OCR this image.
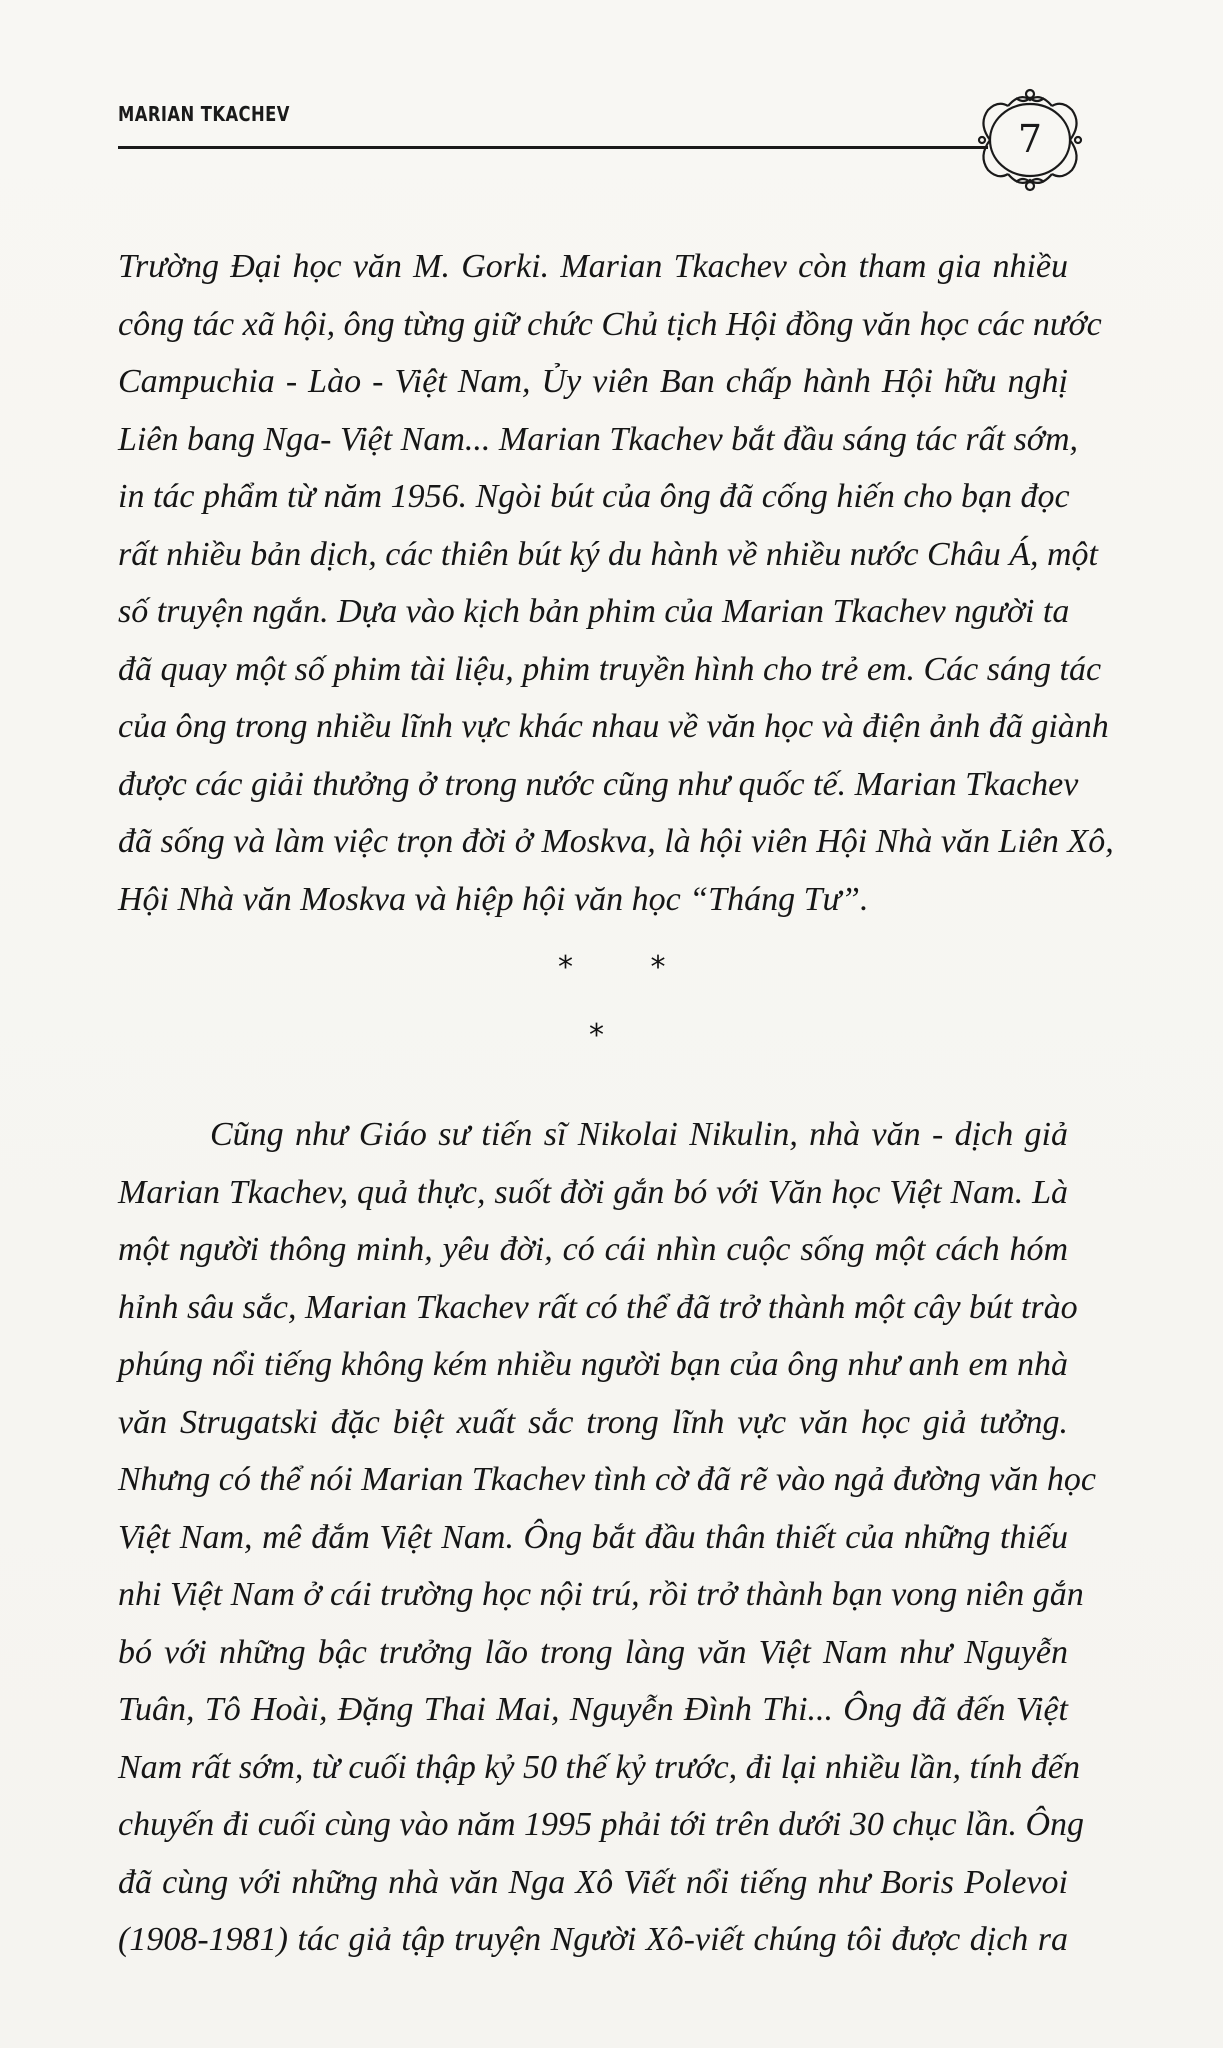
MARIAN TKACHEV
7
Trường Đại học văn M. Gorki. Marian Tkachev còn tham gia nhiều
công tác xã hội, ông từng giữ chức Chủ tịch Hội đồng văn học các nước
Campuchia - Lào - Việt Nam, Ủy viên Ban chấp hành Hội hữu nghị
Liên bang Nga- Việt Nam... Marian Tkachev bắt đầu sáng tác rất sớm,
in tác phẩm từ năm 1956. Ngòi bút của ông đã cống hiến cho bạn đọc
rất nhiều bản dịch, các thiên bút ký du hành về nhiều nước Châu Á, một
số truyện ngắn. Dựa vào kịch bản phim của Marian Tkachev người ta
đã quay một số phim tài liệu, phim truyền hình cho trẻ em. Các sáng tác
của ông trong nhiều lĩnh vực khác nhau về văn học và điện ảnh đã giành
được các giải thưởng ở trong nước cũng như quốc tế. Marian Tkachev
đã sống và làm việc trọn đời ở Moskva, là hội viên Hội Nhà văn Liên Xô,
Hội Nhà văn Moskva và hiệp hội văn học “Tháng Tư”.
* *
*
Cũng như Giáo sư tiến sĩ Nikolai Nikulin, nhà văn - dịch giả
Marian Tkachev, quả thực, suốt đời gắn bó với Văn học Việt Nam. Là
một người thông minh, yêu đời, có cái nhìn cuộc sống một cách hóm
hỉnh sâu sắc, Marian Tkachev rất có thể đã trở thành một cây bút trào
phúng nổi tiếng không kém nhiều người bạn của ông như anh em nhà
văn Strugatski đặc biệt xuất sắc trong lĩnh vực văn học giả tưởng.
Nhưng có thể nói Marian Tkachev tình cờ đã rẽ vào ngả đường văn học
Việt Nam, mê đắm Việt Nam. Ông bắt đầu thân thiết của những thiếu
nhi Việt Nam ở cái trường học nội trú, rồi trở thành bạn vong niên gắn
bó với những bậc trưởng lão trong làng văn Việt Nam như Nguyễn
Tuân, Tô Hoài, Đặng Thai Mai, Nguyễn Đình Thi... Ông đã đến Việt
Nam rất sớm, từ cuối thập kỷ 50 thế kỷ trước, đi lại nhiều lần, tính đến
chuyến đi cuối cùng vào năm 1995 phải tới trên dưới 30 chục lần. Ông
đã cùng với những nhà văn Nga Xô Viết nổi tiếng như Boris Polevoi
(1908-1981) tác giả tập truyện Người Xô-viết chúng tôi được dịch ra
